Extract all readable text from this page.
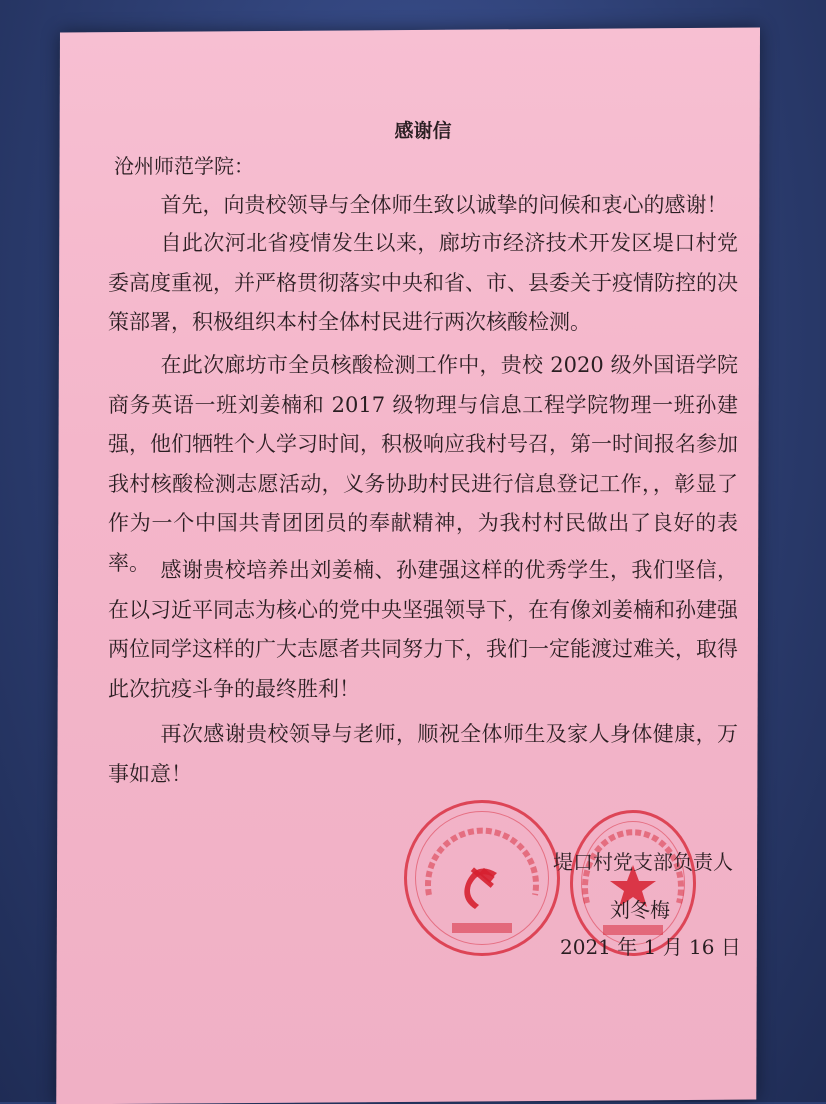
感谢信
沧州师范学院：

首先，向贵校领导与全体师生致以诚挚的问候和衷心的感谢！

自此次河北省疫情发生以来，廊坊市经济技术开发区堤口村党委高度重视，并严格贯彻落实中央和省、市、县委关于疫情防控的决策部署，积极组织本村全体村民进行两次核酸检测。

在此次廊坊市全员核酸检测工作中，贵校 2020 级外国语学院商务英语一班刘姜楠和 2017 级物理与信息工程学院物理一班孙建强，他们牺牲个人学习时间，积极响应我村号召，第一时间报名参加我村核酸检测志愿活动，义务协助村民进行信息登记工作，，彰显了作为一个中国共青团团员的奉献精神，为我村村民做出了良好的表率。 感谢贵校培养出刘姜楠、孙建强这样的优秀学生，我们坚信，在以习近平同志为核心的党中央坚强领导下，在有像刘姜楠和孙建强两位同学这样的广大志愿者共同努力下，我们一定能渡过难关，取得此次抗疫斗争的最终胜利！

再次感谢贵校领导与老师，顺祝全体师生及家人身体健康，万事如意！

堤口村党支部负责人
刘冬梅
2021 年 1 月 16 日
